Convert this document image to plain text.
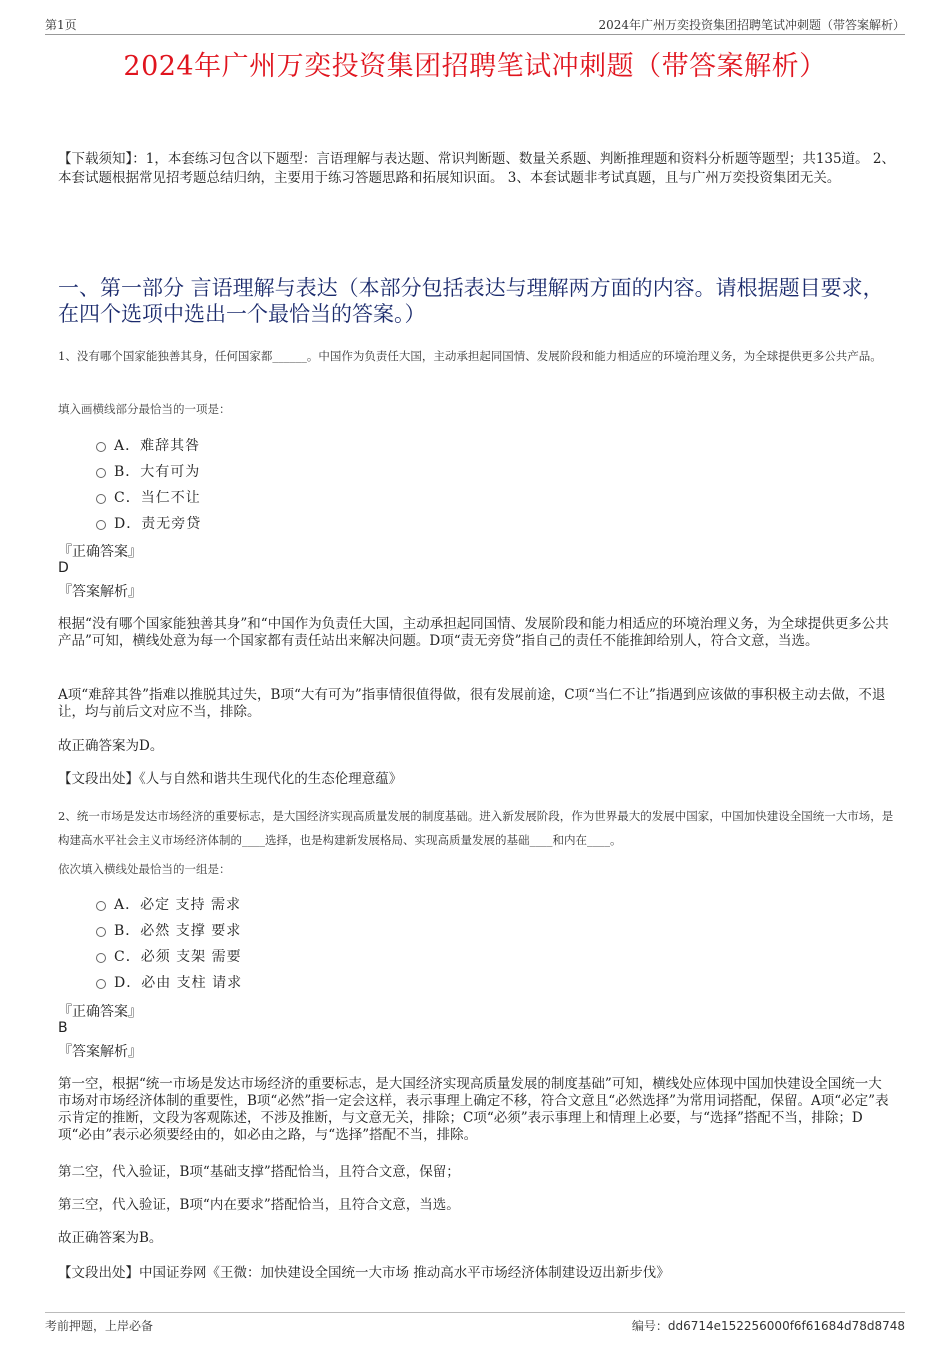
第1页	2024年广州万奕投资集团招聘笔试冲刺题（带答案解析）
2024年广州万奕投资集团招聘笔试冲刺题（带答案解析）
【下载须知】：1，本套练习包含以下题型：言语理解与表达题、常识判断题、数量关系题、判断推理题和资料分析题等题型；共135道。 2、本套试题根据常见招考题总结归纳，主要用于练习答题思路和拓展知识面。 3、本套试题非考试真题，且与广州万奕投资集团无关。
一、第一部分 言语理解与表达（本部分包括表达与理解两方面的内容。请根据题目要求，在四个选项中选出一个最恰当的答案。）
1、没有哪个国家能独善其身，任何国家都______。中国作为负责任大国，主动承担起同国情、发展阶段和能力相适应的环境治理义务，为全球提供更多公共产品。
填入画横线部分最恰当的一项是：
A．难辞其咎
B．大有可为
C．当仁不让
D．责无旁贷
『正确答案』
D
『答案解析』
根据“没有哪个国家能独善其身”和“中国作为负责任大国，主动承担起同国情、发展阶段和能力相适应的环境治理义务，为全球提供更多公共产品”可知，横线处意为每一个国家都有责任站出来解决问题。D项“责无旁贷”指自己的责任不能推卸给别人，符合文意，当选。
A项“难辞其咎”指难以推脱其过失，B项“大有可为”指事情很值得做，很有发展前途，C项“当仁不让”指遇到应该做的事积极主动去做，不退让，均与前后文对应不当，排除。
故正确答案为D。
【文段出处】《人与自然和谐共生现代化的生态伦理意蕴》
2、统一市场是发达市场经济的重要标志，是大国经济实现高质量发展的制度基础。进入新发展阶段，作为世界最大的发展中国家，中国加快建设全国统一大市场，是构建高水平社会主义市场经济体制的____选择，也是构建新发展格局、实现高质量发展的基础____和内在____。
依次填入横线处最恰当的一组是：
A．必定 支持 需求
B．必然 支撑 要求
C．必须 支架 需要
D．必由 支柱 请求
『正确答案』
B
『答案解析』
第一空，根据“统一市场是发达市场经济的重要标志，是大国经济实现高质量发展的制度基础”可知，横线处应体现中国加快建设全国统一大市场对市场经济体制的重要性，B项“必然”指一定会这样，表示事理上确定不移，符合文意且“必然选择”为常用词搭配，保留。A项“必定”表示肯定的推断，文段为客观陈述，不涉及推断，与文意无关，排除；C项“必须”表示事理上和情理上必要，与“选择”搭配不当，排除；D项“必由”表示必须要经由的，如必由之路，与“选择”搭配不当，排除。
第二空，代入验证，B项“基础支撑”搭配恰当，且符合文意，保留；
第三空，代入验证，B项“内在要求”搭配恰当，且符合文意，当选。
故正确答案为B。
【文段出处】中国证券网《王微：加快建设全国统一大市场 推动高水平市场经济体制建设迈出新步伐》
考前押题，上岸必备	编号：dd6714e152256000f6f61684d78d8748
